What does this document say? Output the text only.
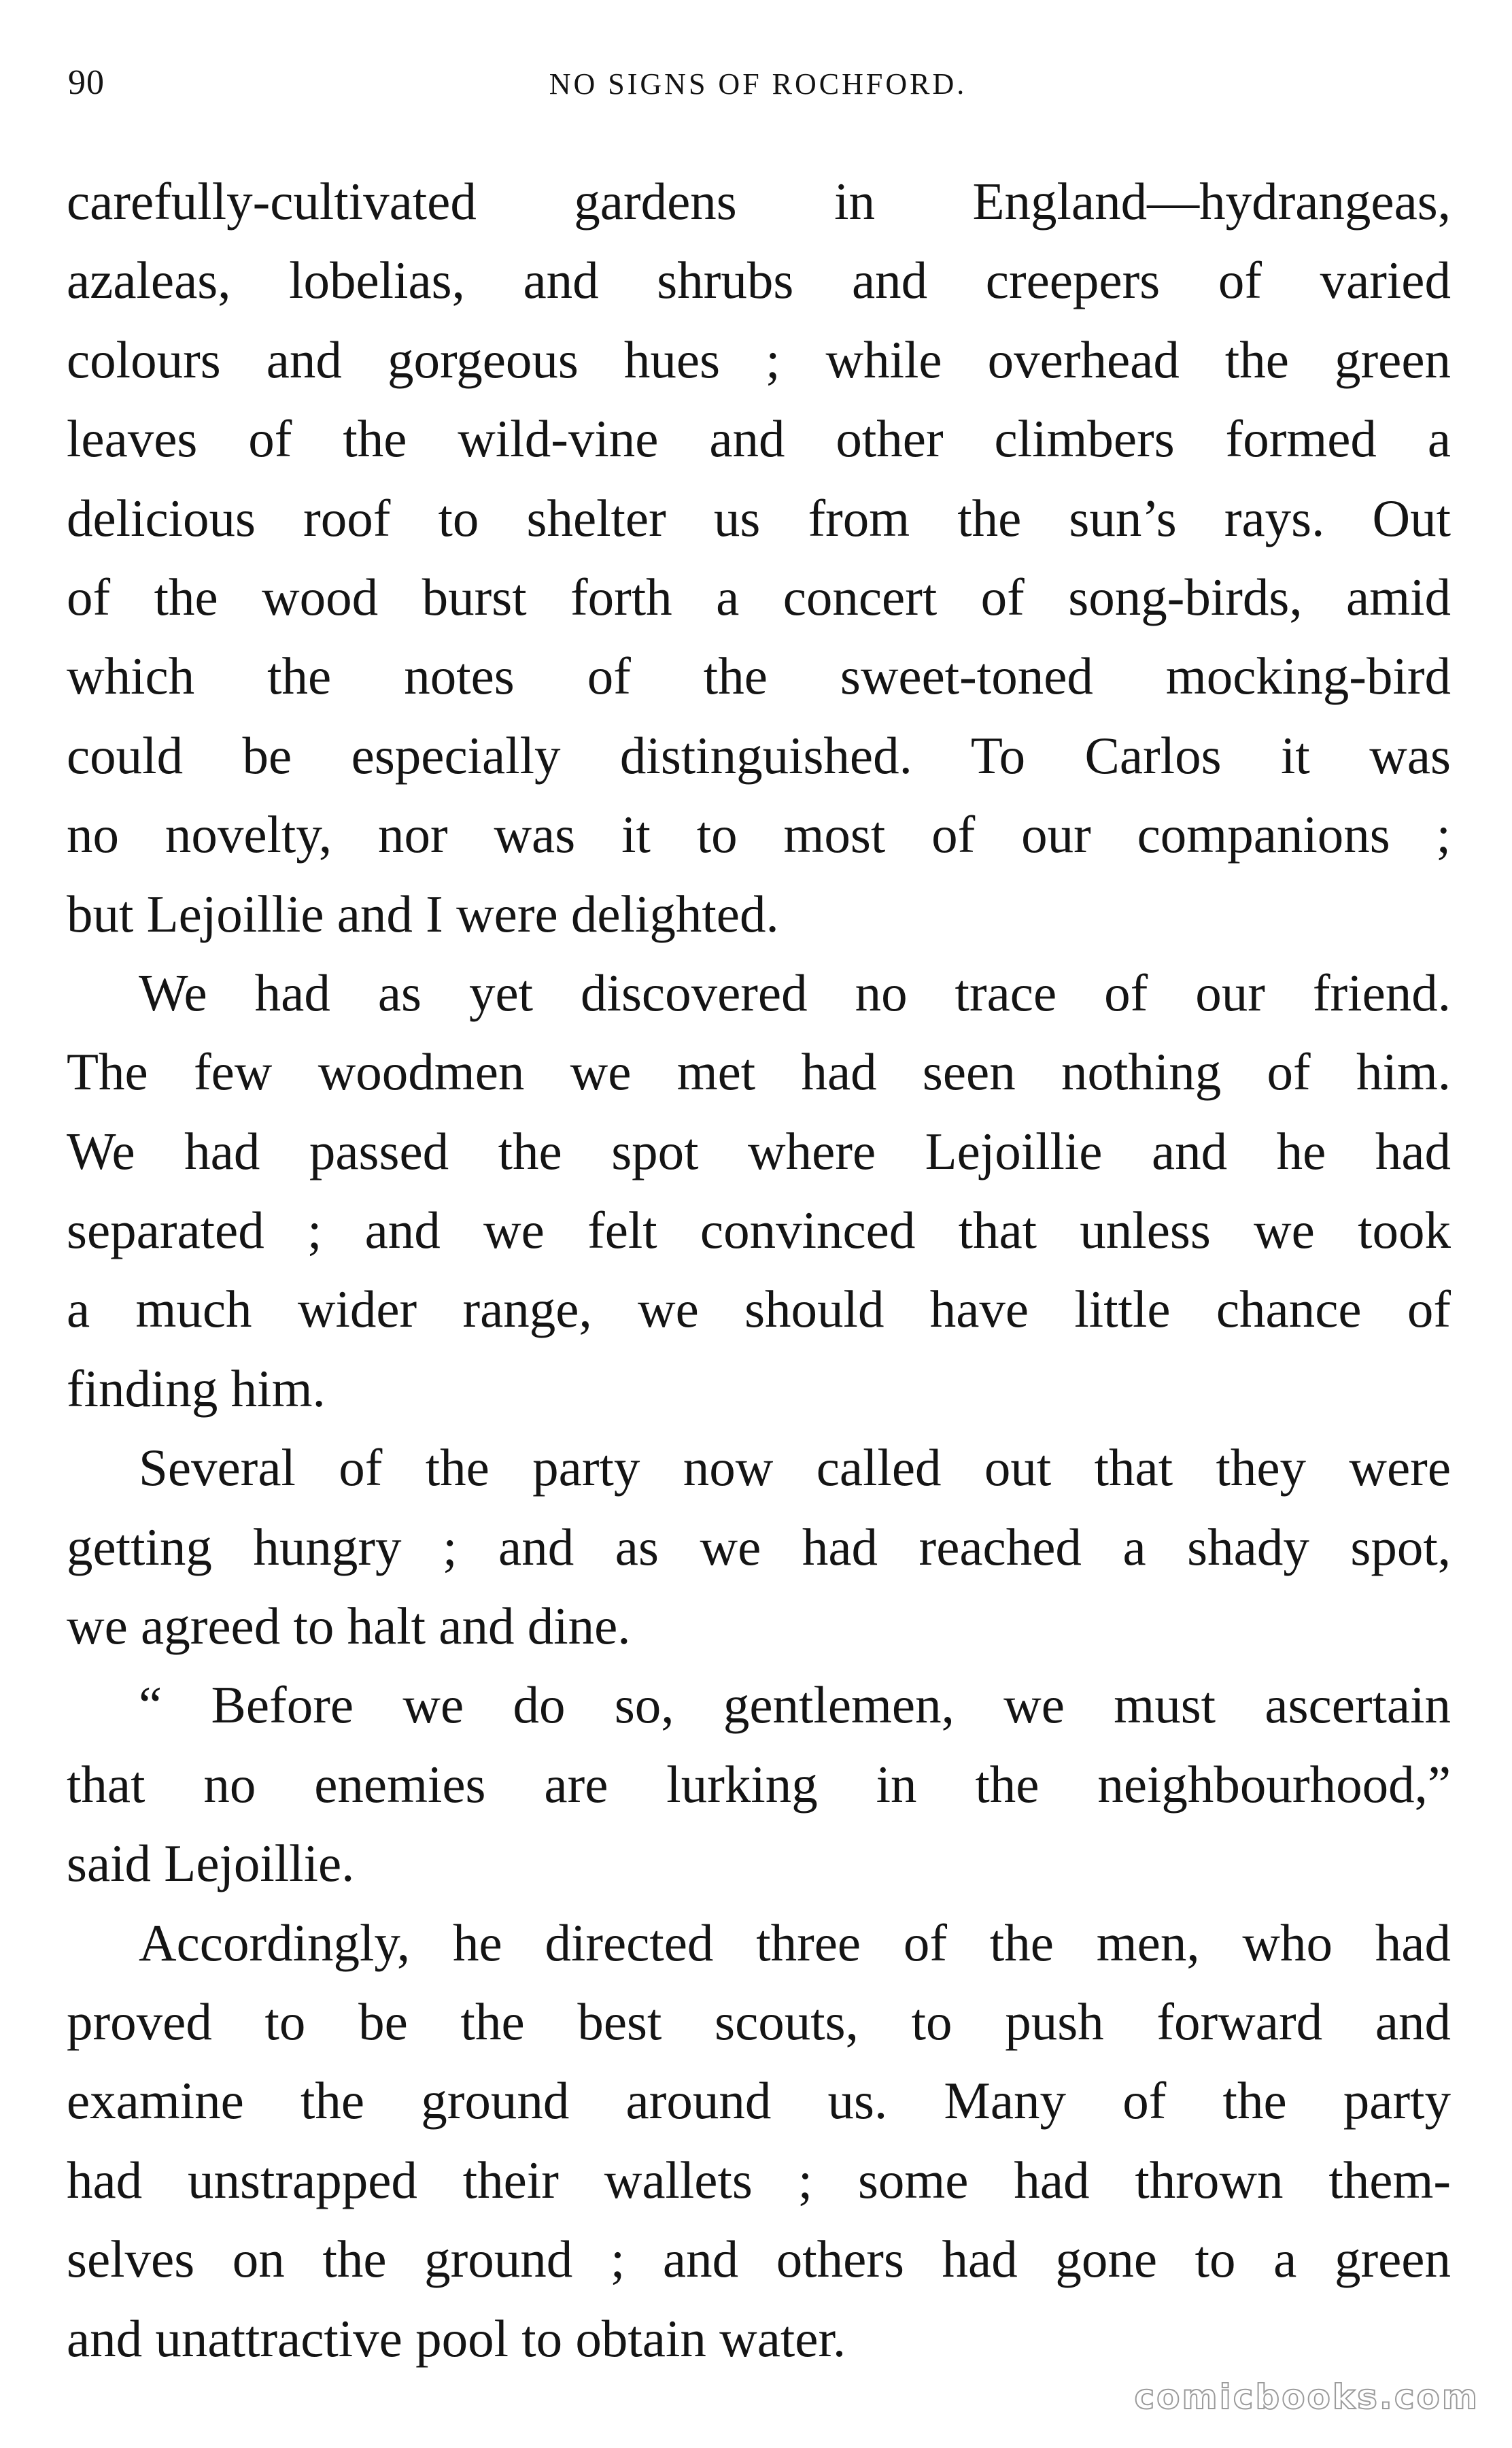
90	NO SIGNS OF ROCHFORD.
carefully-cultivated gardens in England—hydrangeas,
azaleas, lobelias, and shrubs and creepers of varied
colours and gorgeous hues ; while overhead the green
leaves of the wild-vine and other climbers formed a
delicious roof to shelter us from the sun’s rays. Out
of the wood burst forth a concert of song-birds, amid
which the notes of the sweet-toned mocking-bird
could be especially distinguished. To Carlos it was
no novelty, nor was it to most of our companions ;
but Lejoillie and I were delighted.
We had as yet discovered no trace of our friend.
The few woodmen we met had seen nothing of him.
We had passed the spot where Lejoillie and he had
separated ; and we felt convinced that unless we took
a much wider range, we should have little chance of
finding him.
Several of the party now called out that they were
getting hungry ; and as we had reached a shady spot,
we agreed to halt and dine.
“ Before we do so, gentlemen, we must ascertain
that no enemies are lurking in the neighbourhood,”
said Lejoillie.
Accordingly, he directed three of the men, who had
proved to be the best scouts, to push forward and
examine the ground around us. Many of the party
had unstrapped their wallets ; some had thrown them-
selves on the ground ; and others had gone to a green
and unattractive pool to obtain water.
comicbooks.com
